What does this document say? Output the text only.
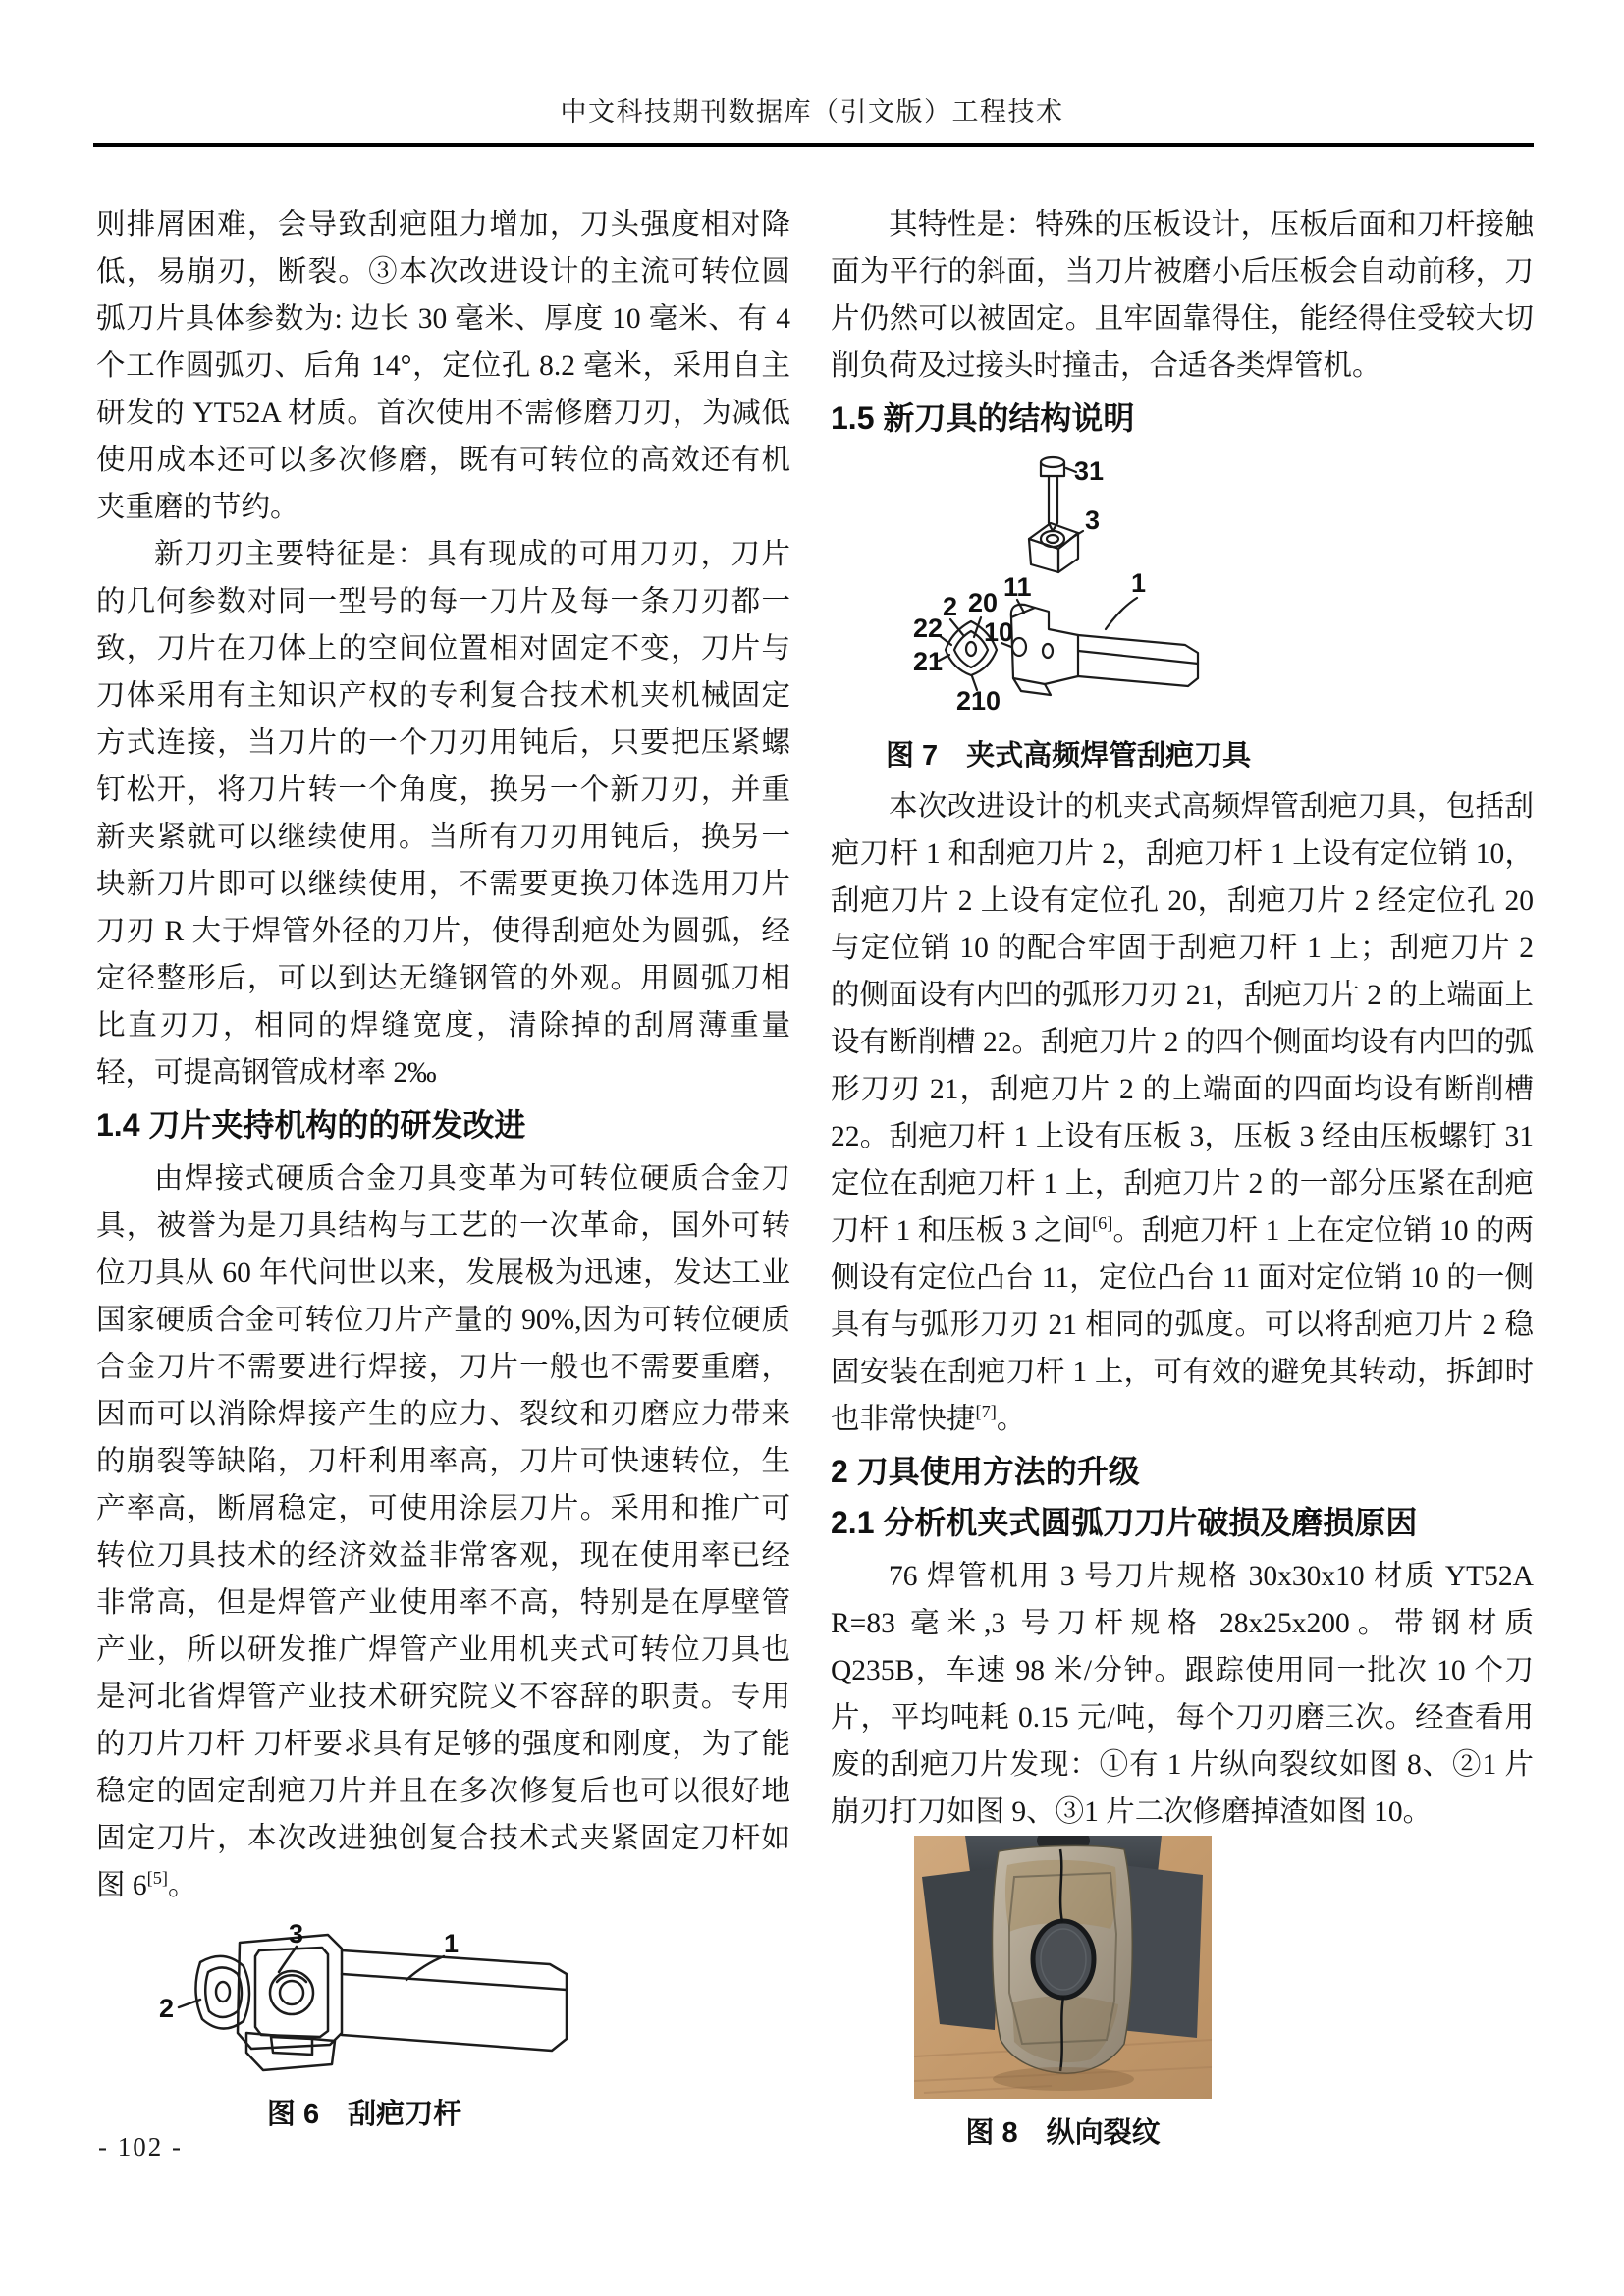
中文科技期刊数据库（引文版）工程技术

则排屑困难，会导致刮疤阻力增加，刀头强度相对降低，易崩刃，断裂。③本次改进设计的主流可转位圆弧刀片具体参数为: 边长 30 毫米、厚度 10 毫米、有 4 个工作圆弧刃、后角 14°，定位孔 8.2 毫米，采用自主研发的 YT52A 材质。首次使用不需修磨刀刃，为减低使用成本还可以多次修磨，既有可转位的高效还有机夹重磨的节约。

新刀刃主要特征是：具有现成的可用刀刃，刀片的几何参数对同一型号的每一刀片及每一条刀刃都一致，刀片在刀体上的空间位置相对固定不变，刀片与刀体采用有主知识产权的专利复合技术机夹机械固定方式连接，当刀片的一个刀刃用钝后，只要把压紧螺钉松开，将刀片转一个角度，换另一个新刀刃，并重新夹紧就可以继续使用。当所有刀刃用钝后，换另一块新刀片即可以继续使用，不需要更换刀体选用刀片刀刃 R 大于焊管外径的刀片，使得刮疤处为圆弧，经定径整形后，可以到达无缝钢管的外观。用圆弧刀相比直刃刀，相同的焊缝宽度，清除掉的刮屑薄重量轻，可提高钢管成材率 2‰

1.4 刀片夹持机构的的研发改进

由焊接式硬质合金刀具变革为可转位硬质合金刀具，被誉为是刀具结构与工艺的一次革命，国外可转位刀具从 60 年代问世以来，发展极为迅速，发达工业国家硬质合金可转位刀片产量的 90%,因为可转位硬质合金刀片不需要进行焊接，刀片一般也不需要重磨，因而可以消除焊接产生的应力、裂纹和刃磨应力带来的崩裂等缺陷，刀杆利用率高，刀片可快速转位，生产率高，断屑稳定，可使用涂层刀片。采用和推广可转位刀具技术的经济效益非常客观，现在使用率已经非常高，但是焊管产业使用率不高，特别是在厚壁管产业，所以研发推广焊管产业用机夹式可转位刀具也是河北省焊管产业技术研究院义不容辞的职责。专用的刀片刀杆 刀杆要求具有足够的强度和刚度，为了能稳定的固定刮疤刀片并且在多次修复后也可以很好地固定刀片，本次改进独创复合技术式夹紧固定刀杆如图 6[5]。

3	1
2
图 6　刮疤刀杆

其特性是：特殊的压板设计，压板后面和刀杆接触面为平行的斜面，当刀片被磨小后压板会自动前移，刀片仍然可以被固定。且牢固靠得住，能经得住受较大切削负荷及过接头时撞击，合适各类焊管机。

1.5 新刀具的结构说明
31
3
11	1
2 20
22
21
10
210
图 7　夹式高频焊管刮疤刀具

本次改进设计的机夹式高频焊管刮疤刀具，包括刮疤刀杆 1 和刮疤刀片 2，刮疤刀杆 1 上设有定位销 10，刮疤刀片 2 上设有定位孔 20，刮疤刀片 2 经定位孔 20 与定位销 10 的配合牢固于刮疤刀杆 1 上；刮疤刀片 2 的侧面设有内凹的弧形刀刃 21，刮疤刀片 2 的上端面上设有断削槽 22。刮疤刀片 2 的四个侧面均设有内凹的弧形刀刃 21，刮疤刀片 2 的上端面的四面均设有断削槽 22。刮疤刀杆 1 上设有压板 3，压板 3 经由压板螺钉 31 定位在刮疤刀杆 1 上，刮疤刀片 2 的一部分压紧在刮疤刀杆 1 和压板 3 之间[6]。刮疤刀杆 1 上在定位销 10 的两侧设有定位凸台 11，定位凸台 11 面对定位销 10 的一侧具有与弧形刀刃 21 相同的弧度。可以将刮疤刀片 2 稳固安装在刮疤刀杆 1 上，可有效的避免其转动，拆卸时也非常快捷[7]。

2 刀具使用方法的升级
2.1 分析机夹式圆弧刀刀片破损及磨损原因

76 焊管机用 3 号刀片规格 30x30x10 材质 YT52A R=83 毫米,3 号刀杆规格 28x25x200。带钢材质 Q235B，车速 98 米/分钟。跟踪使用同一批次 10 个刀片，平均吨耗 0.15 元/吨，每个刀刃磨三次。经查看用废的刮疤刀片发现：①有 1 片纵向裂纹如图 8、②1 片崩刃打刀如图 9、③1 片二次修磨掉渣如图 10。

图 8　纵向裂纹
- 102 -
